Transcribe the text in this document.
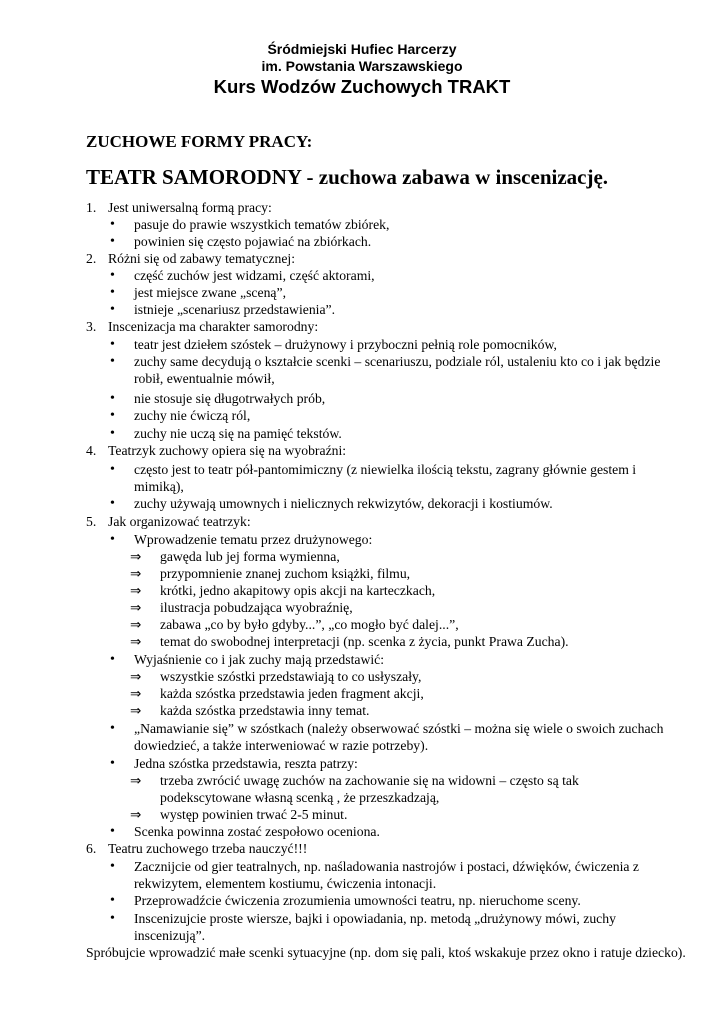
Śródmiejski Hufiec Harcerzy
im. Powstania Warszawskiego
Kurs Wodzów Zuchowych TRAKT
ZUCHOWE FORMY PRACY:
TEATR SAMORODNY - zuchowa zabawa w inscenizację.
1. Jest uniwersalną formą pracy:
• pasuje do prawie wszystkich tematów zbiórek,
• powinien się często pojawiać na zbiórkach.
2. Różni się od zabawy tematycznej:
• część zuchów jest widzami, część aktorami,
• jest miejsce zwane „sceną”,
• istnieje „scenariusz przedstawienia”.
3. Inscenizacja ma charakter samorodny:
• teatr jest dziełem szóstek – drużynowy i przyboczni pełnią role pomocników,
• zuchy same decydują o kształcie scenki – scenariuszu, podziale ról, ustaleniu kto co i jak będzie robił, ewentualnie mówił,
• nie stosuje się długotrwałych prób,
• zuchy nie ćwiczą ról,
• zuchy nie uczą się na pamięć tekstów.
4. Teatrzyk zuchowy opiera się na wyobraźni:
• często jest to teatr pół-pantomimiczny (z niewielka ilością tekstu, zagrany głównie gestem i mimiką),
• zuchy używają umownych i nielicznych rekwizytów, dekoracji i kostiumów.
5. Jak organizować teatrzyk:
• Wprowadzenie tematu przez drużynowego:
⇒ gawęda lub jej forma wymienna,
⇒ przypomnienie znanej zuchom książki, filmu,
⇒ krótki, jedno akapitowy opis akcji na karteczkach,
⇒ ilustracja pobudzająca wyobraźnię,
⇒ zabawa „co by było gdyby...”, „co mogło być dalej...”,
⇒ temat do swobodnej interpretacji (np. scenka z życia, punkt Prawa Zucha).
• Wyjaśnienie co i jak zuchy mają przedstawić:
⇒ wszystkie szóstki przedstawiają to co usłyszały,
⇒ każda szóstka przedstawia jeden fragment akcji,
⇒ każda szóstka przedstawia inny temat.
• „Namawianie się” w szóstkach (należy obserwować szóstki – można się wiele o swoich zuchach dowiedzieć, a także interweniować w razie potrzeby).
• Jedna szóstka przedstawia, reszta patrzy:
⇒ trzeba zwrócić uwagę zuchów na zachowanie się na widowni – często są tak podekscytowane własną scenką , że przeszkadzają,
⇒ występ powinien trwać 2-5 minut.
• Scenka powinna zostać zespołowo oceniona.
6. Teatru zuchowego trzeba nauczyć!!!
• Zacznijcie od gier teatralnych, np. naśladowania nastrojów i postaci, dźwięków, ćwiczenia z rekwizytem, elementem kostiumu, ćwiczenia intonacji.
• Przeprowadźcie ćwiczenia zrozumienia umowności teatru, np. nieruchome sceny.
• Inscenizujcie proste wiersze, bajki i opowiadania, np. metodą „drużynowy mówi, zuchy inscenizują”.
Spróbujcie wprowadzić małe scenki sytuacyjne (np. dom się pali, ktoś wskakuje przez okno i ratuje dziecko).
